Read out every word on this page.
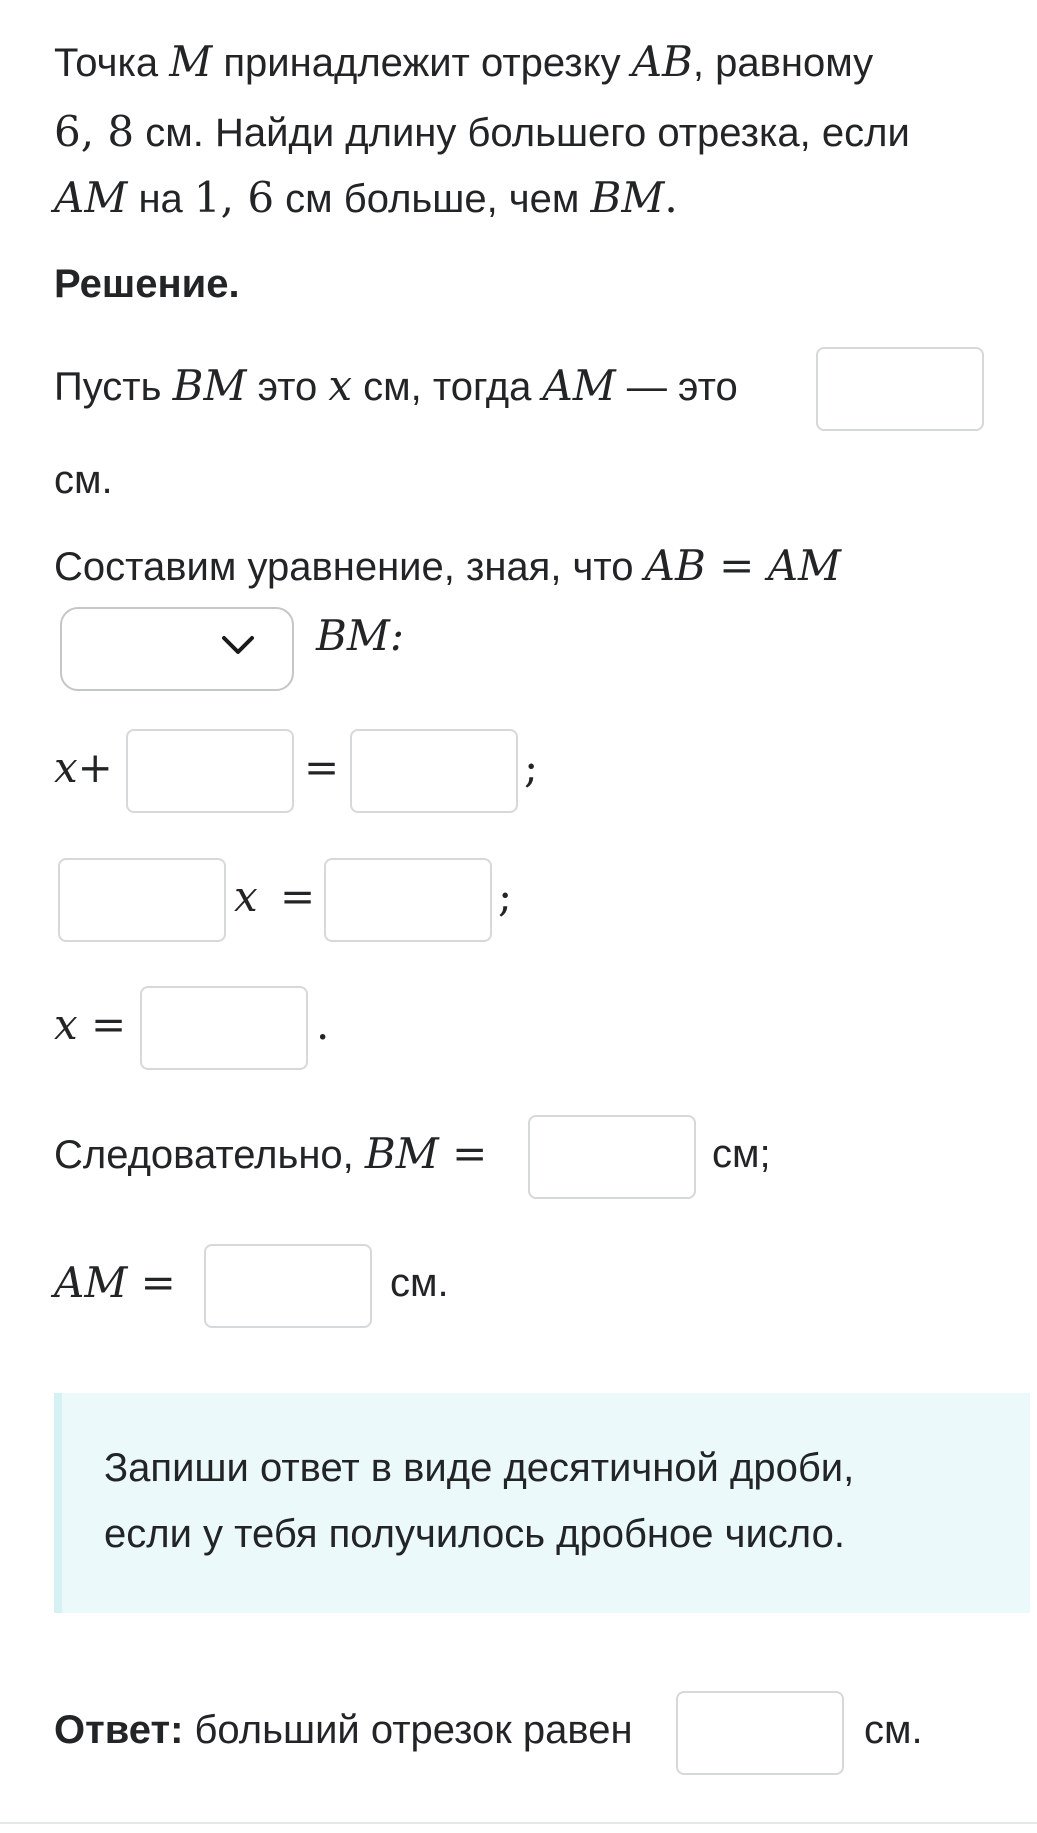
Точка M принадлежит отрезку AB, равному
6, 8 см. Найди длину большего отрезка, если
AM на 1, 6 см больше, чем BM.
Решение.
Пусть BM это x см, тогда AM — это
см.
Составим уравнение, зная, что AB = AM
BM:
x+	=	;
x =	;
x =	.
Следовательно, BM =	см;
AM =	см.
Запиши ответ в виде десятичной дроби,
если у тебя получилось дробное число.
Ответ: больший отрезок равен	см.
